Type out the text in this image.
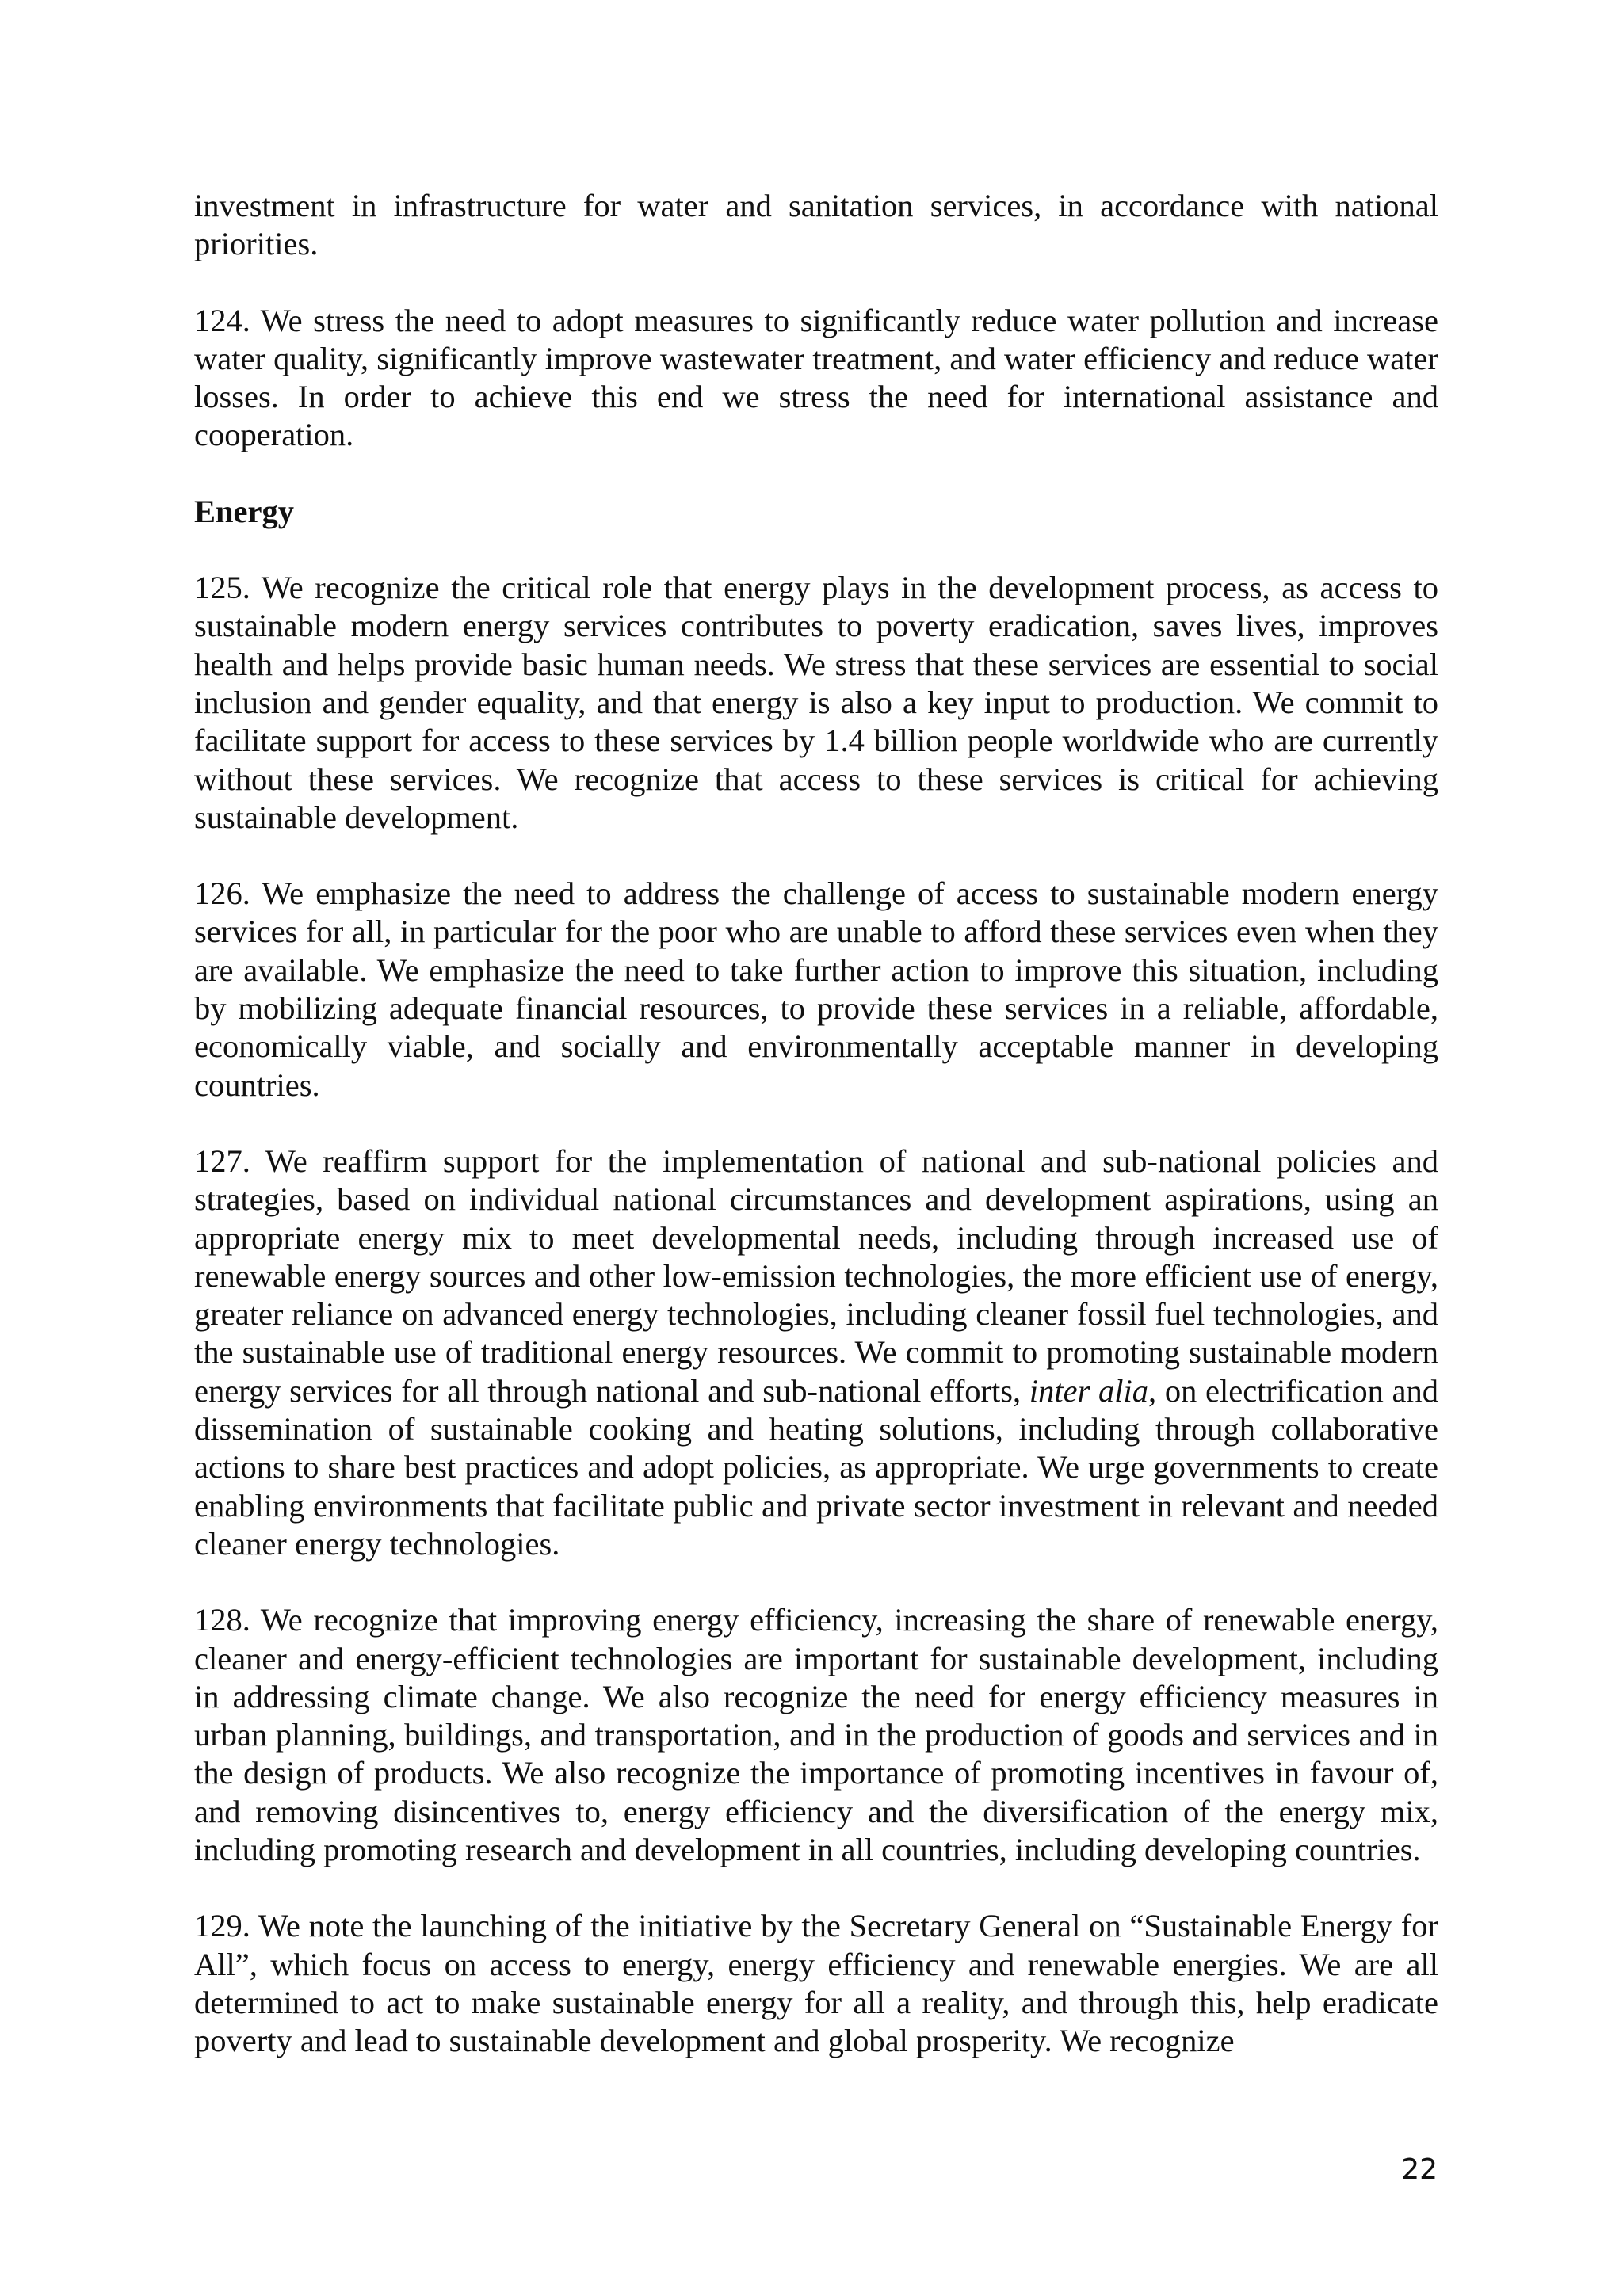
investment in infrastructure for water and sanitation services, in accordance with national priorities.

124. We stress the need to adopt measures to significantly reduce water pollution and increase water quality, significantly improve wastewater treatment, and water efficiency and reduce water losses. In order to achieve this end we stress the need for international assistance and cooperation.

Energy

125. We recognize the critical role that energy plays in the development process, as access to sustainable modern energy services contributes to poverty eradication, saves lives, improves health and helps provide basic human needs. We stress that these services are essential to social inclusion and gender equality, and that energy is also a key input to production. We commit to facilitate support for access to these services by 1.4 billion people worldwide who are currently without these services. We recognize that access to these services is critical for achieving sustainable development.

126. We emphasize the need to address the challenge of access to sustainable modern energy services for all, in particular for the poor who are unable to afford these services even when they are available. We emphasize the need to take further action to improve this situation, including by mobilizing adequate financial resources, to provide these services in a reliable, affordable, economically viable, and socially and environmentally acceptable manner in developing countries.

127. We reaffirm support for the implementation of national and sub-national policies and strategies, based on individual national circumstances and development aspirations, using an appropriate energy mix to meet developmental needs, including through increased use of renewable energy sources and other low-emission technologies, the more efficient use of energy, greater reliance on advanced energy technologies, including cleaner fossil fuel technologies, and the sustainable use of traditional energy resources. We commit to promoting sustainable modern energy services for all through national and sub-national efforts, inter alia, on electrification and dissemination of sustainable cooking and heating solutions, including through collaborative actions to share best practices and adopt policies, as appropriate. We urge governments to create enabling environments that facilitate public and private sector investment in relevant and needed cleaner energy technologies.

128. We recognize that improving energy efficiency, increasing the share of renewable energy, cleaner and energy-efficient technologies are important for sustainable development, including in addressing climate change. We also recognize the need for energy efficiency measures in urban planning, buildings, and transportation, and in the production of goods and services and in the design of products. We also recognize the importance of promoting incentives in favour of, and removing disincentives to, energy efficiency and the diversification of the energy mix, including promoting research and development in all countries, including developing countries.

129. We note the launching of the initiative by the Secretary General on “Sustainable Energy for All”, which focus on access to energy, energy efficiency and renewable energies. We are all determined to act to make sustainable energy for all a reality, and through this, help eradicate poverty and lead to sustainable development and global prosperity. We recognize

22
